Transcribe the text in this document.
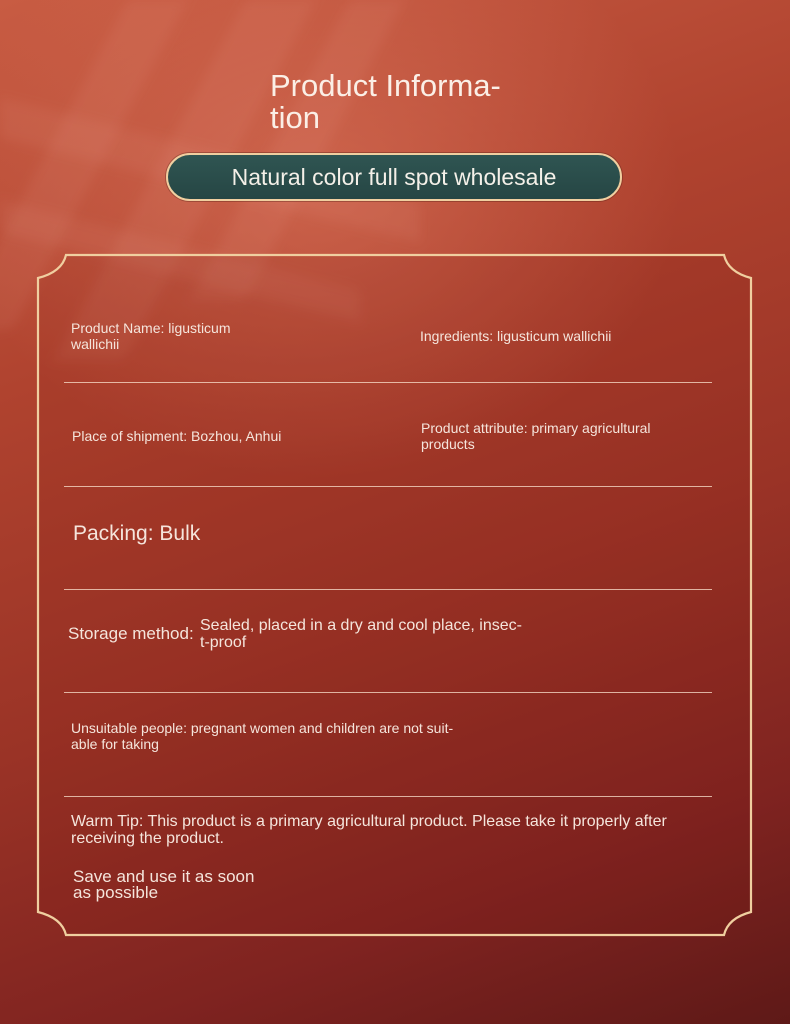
Product Informa-
tion
Natural color full spot wholesale
Product Name: ligusticum
wallichii	Ingredients: ligusticum wallichii
Place of shipment: Bozhou, Anhui	Product attribute: primary agricultural
products
Packing: Bulk
Storage method: Sealed, placed in a dry and cool place, insec-
t-proof
Unsuitable people: pregnant women and children are not suit-
able for taking
Warm Tip: This product is a primary agricultural product. Please take it properly after
receiving the product.
Save and use it as soon
as possible
